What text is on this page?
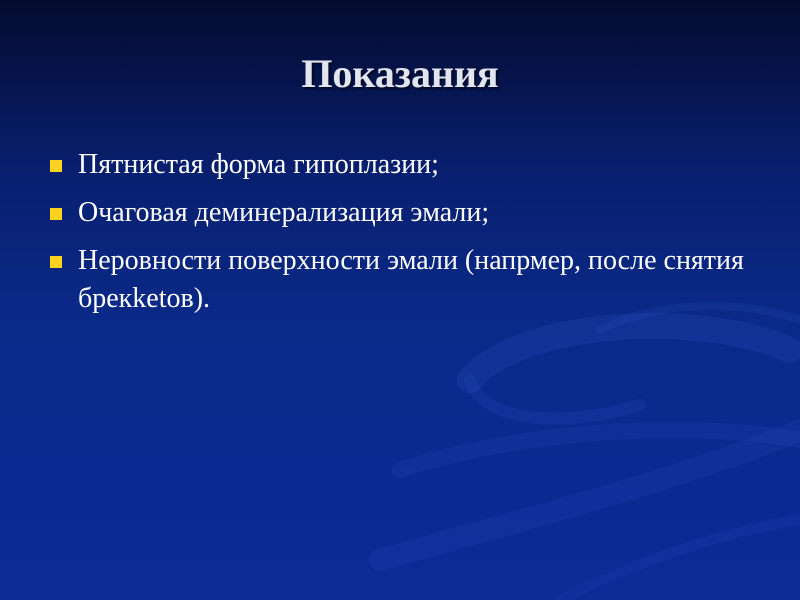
Показания
Пятнистая форма гипоплазии;
Очаговая деминерализация эмали;
Неровности поверхности эмали (напрмер, после снятия брекketов).
